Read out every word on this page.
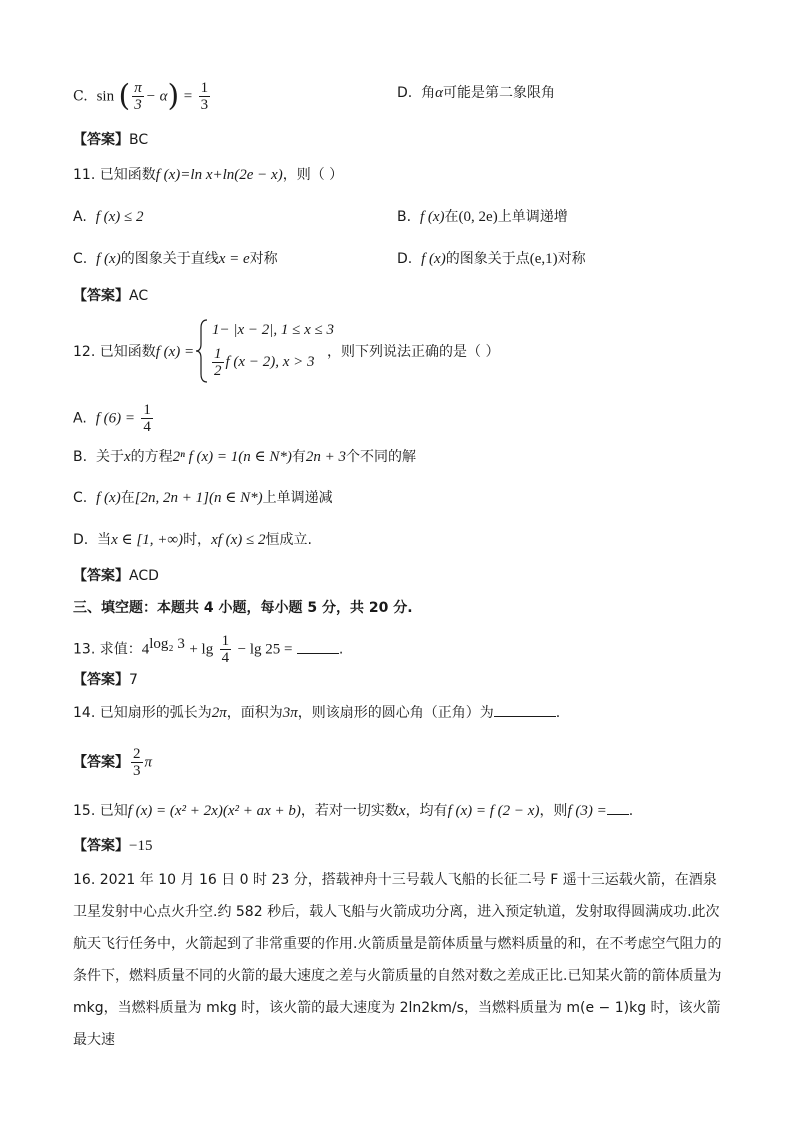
C. sin ( $\frac{\pi}{3} - \alpha) = \frac{1}{3}$	D. 角α可能是第二象限角
【答案】BC
11. 已知函数f (x)=ln x+ln(2e − x)，则（ ）
A. f (x) ≤ 2	B. f (x)在(0, 2e)上单调递增
C. f (x)的图象关于直线x = e对称	D. f (x)的图象关于点(e,1)对称
【答案】AC
12. 已知函数f (x) =
1− |x − 2|, 1 ≤ x ≤ 3
$\frac{1}{2}$ f (x − 2), x > 3
，则下列说法正确的是（ ）
A. f $(6) = \frac{1}{4}$
B. 关于x的方程2ⁿ f (x) = 1(n ∈ N*)有2n + 3个不同的解
C. f (x)在[2n, 2n + 1](n ∈ N*)上单调递减
D. 当x ∈ [1, +∞)时，xf (x) ≤ 2恒成立.
【答案】ACD
三、填空题：本题共 4 小题，每小题 5 分，共 20 分.
13. 求值：$4^{log_2 3} + \lg \frac{1}{4} - \lg 25$ =	.
【答案】7
14. 已知扇形的弧长为2π，面积为3π，则该扇形的圆心角（正角）为	.
【答案】 $\frac{2}{3}$ π
15. 已知f (x) = (x² + 2x)(x² + ax + b)，若对一切实数x，均有f (x) = f (2 − x)，则f (3) = .
【答案】−15
16. 2021 年 10 月 16 日 0 时 23 分，搭载神舟十三号载人飞船的长征二号 F 遥十三运载火箭，在酒泉卫星发射中心点火升空.约 582 秒后，载人飞船与火箭成功分离，进入预定轨道，发射取得圆满成功.此次航天飞行任务中，火箭起到了非常重要的作用.火箭质量是箭体质量与燃料质量的和，在不考虑空气阻力的条件下，燃料质量不同的火箭的最大速度之差与火箭质量的自然对数之差成正比.已知某火箭的箭体质量为 mkg，当燃料质量为 mkg 时，该火箭的最大速度为 2ln2km/s，当燃料质量为 m(e − 1)kg 时，该火箭最大速
